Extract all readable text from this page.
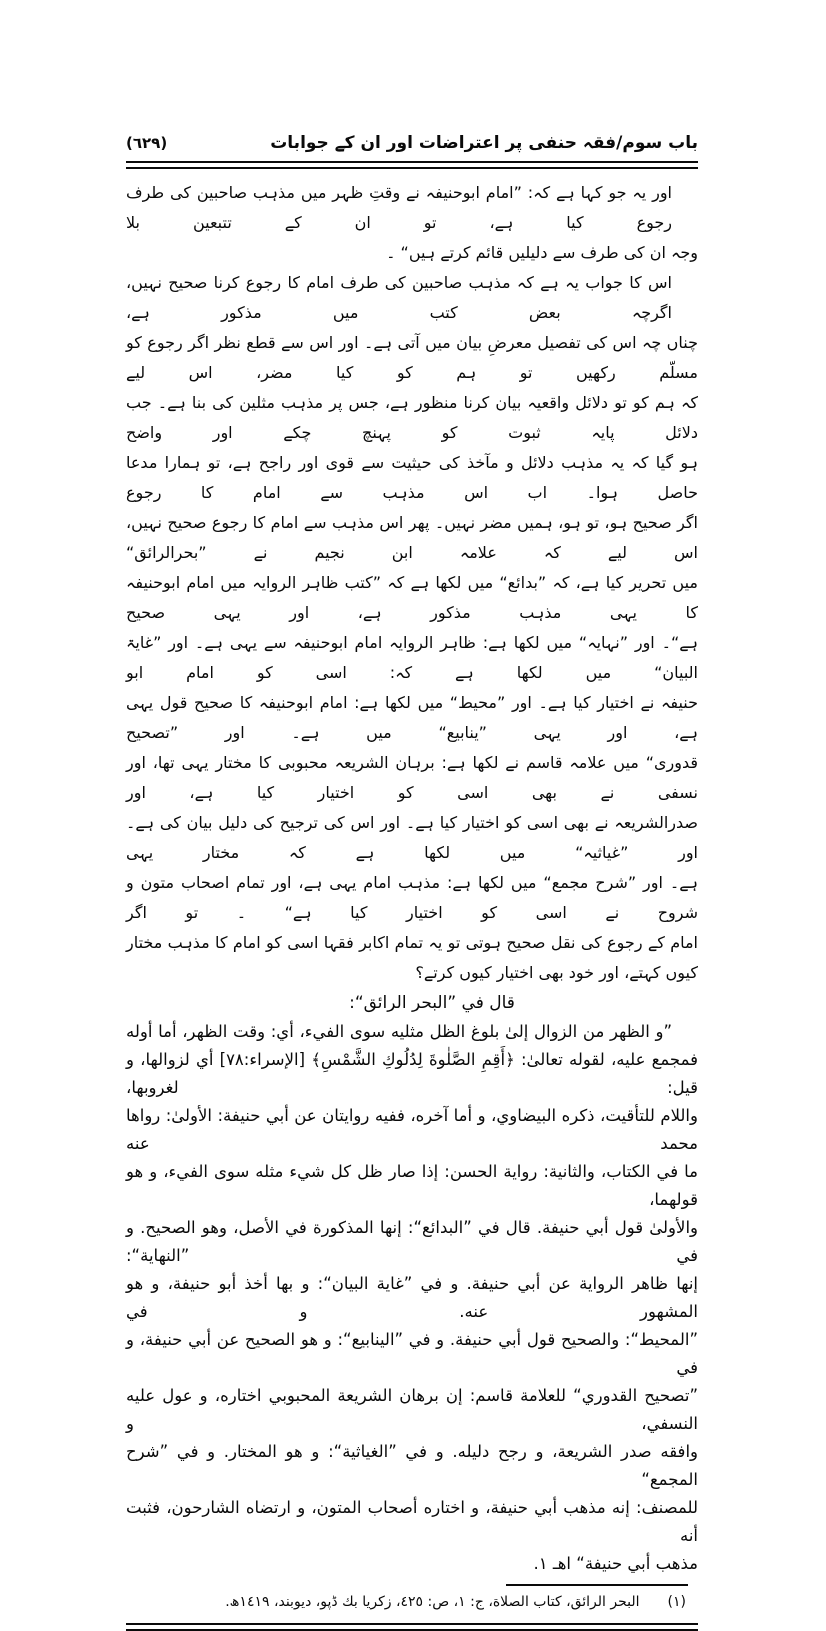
باب سوم/فقہ حنفی پر اعتراضات اور ان کے جوابات
(٦٢٩)
اور یہ جو کہا ہے کہ: ”امام ابوحنیفہ نے وقتِ ظہر میں مذہب صاحبین کی طرف رجوع کیا ہے، تو ان کے تتبعین بلا
وجہ ان کی طرف سے دلیلیں قائم کرتے ہیں“ ۔
اس کا جواب یہ ہے کہ مذہب صاحبین کی طرف امام کا رجوع کرنا صحیح نہیں، اگرچہ بعض کتب میں مذکور ہے،
چناں چہ اس کی تفصیل معرضِ بیان میں آتی ہے۔ اور اس سے قطع نظر اگر رجوع کو مسلّم رکھیں تو ہم کو کیا مضر، اس لیے
کہ ہم کو تو دلائل واقعیہ بیان کرنا منظور ہے، جس پر مذہب مثلین کی بنا ہے۔ جب دلائل پایہ ثبوت کو پہنچ چکے اور واضح
ہو گیا کہ یہ مذہب دلائل و مآخذ کی حیثیت سے قوی اور راجح ہے، تو ہمارا مدعا حاصل ہوا۔ اب اس مذہب سے امام کا رجوع
اگر صحیح ہو، تو ہو، ہمیں مضر نہیں۔ پھر اس مذہب سے امام کا رجوع صحیح نہیں، اس لیے کہ علامہ ابن نجیم نے ”بحرالرائق“
میں تحریر کیا ہے، کہ ”بدائع“ میں لکھا ہے کہ ”کتب ظاہر الروایہ میں امام ابوحنیفہ کا یہی مذہب مذکور ہے، اور یہی صحیح
ہے“۔ اور ”نہایہ“ میں لکھا ہے: ظاہر الروایہ امام ابوحنیفہ سے یہی ہے۔ اور ”غایۃ البیان“ میں لکھا ہے کہ: اسی کو امام ابو
حنیفہ نے اختیار کیا ہے۔ اور ”محیط“ میں لکھا ہے: امام ابوحنیفہ کا صحیح قول یہی ہے، اور یہی ”ینابیع“ میں ہے۔ اور ”تصحیح
قدوری“ میں علامہ قاسم نے لکھا ہے: برہان الشریعہ محبوبی کا مختار یہی تھا، اور نسفی نے بھی اسی کو اختیار کیا ہے، اور
صدرالشریعہ نے بھی اسی کو اختیار کیا ہے۔ اور اس کی ترجیح کی دلیل بیان کی ہے۔ اور ”غیاثیہ“ میں لکھا ہے کہ مختار یہی
ہے۔ اور ”شرح مجمع“ میں لکھا ہے: مذہب امام یہی ہے، اور تمام اصحاب متون و شروح نے اسی کو اختیار کیا ہے“ ۔ تو اگر
امام کے رجوع کی نقل صحیح ہوتی تو یہ تمام اکابر فقہا اسی کو امام کا مذہب مختار کیوں کہتے، اور خود بھی اختیار کیوں کرتے؟
قال في ”البحر الرائق“:
”و الظهر من الزوال إلىٰ بلوغ الظل مثلیه سوى الفيء، أي: وقت الظهر، أما أوله
فمجمع علیه، لقوله تعالىٰ: ﴿أَقِمِ الصَّلٰوةَ لِدُلُوكِ الشَّمْسِ﴾ [الإسراء:٧٨] أي لزوالها، و قیل: لغروبها،
واللام للتأقیت، ذکره البیضاوي، و أما آخره، ففیه روایتان عن أبي حنیفة: الأولىٰ: رواها محمد عنه
ما في الکتاب، والثانیة: روایة الحسن: إذا صار ظل کل شيء مثله سوى الفيء، و هو قولهما،
والأولىٰ قول أبي حنیفة. قال في ”البدائع“: إنها المذکورة في الأصل، وهو الصحیح. و في ”النهایة“:
إنها ظاهر الروایة عن أبي حنیفة. و في ”غایة البیان“: و بها أخذ أبو حنیفة، و هو المشهور عنه. و في
”المحیط“: والصحیح قول أبي حنیفة. و في ”الینابیع“: و هو الصحیح عن أبي حنیفة، و في
”تصحیح القدوري“ للعلامة قاسم: إن برهان الشریعة المحبوبي اختاره، و عول علیه النسفي، و
وافقه صدر الشریعة، و رجح دلیله. و في ”الغیاثیة“: و هو المختار. و في ”شرح المجمع“
للمصنف: إنه مذهب أبي حنیفة، و اختاره أصحاب المتون، و ارتضاه الشارحون، فثبت أنه
مذهب أبي حنیفة“ اهـ ۱.
(١)
البحر الرائق، کتاب الصلاة، ج: ١، ص: ٤٢٥، زکریا بك ڈپو، دیوبند، ١٤١٩ھ.
